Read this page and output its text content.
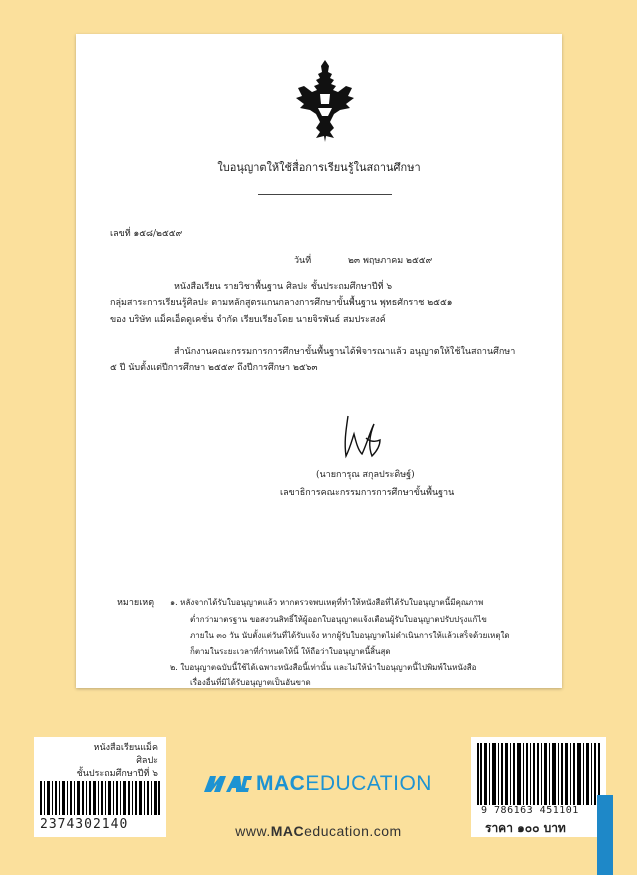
ใบอนุญาตให้ใช้สื่อการเรียนรู้ในสถานศึกษา
เลขที่ ๑๕๘/๒๕๕๙
วันที่	๒๓ พฤษภาคม ๒๕๕๙
หนังสือเรียน รายวิชาพื้นฐาน ศิลปะ ชั้นประถมศึกษาปีที่ ๖
กลุ่มสาระการเรียนรู้ศิลปะ ตามหลักสูตรแกนกลางการศึกษาขั้นพื้นฐาน พุทธศักราช ๒๕๕๑
ของ บริษัท แม็คเอ็ดดูเคชั่น จำกัด เรียบเรียงโดย นายจิรพันธ์ สมประสงค์
สำนักงานคณะกรรมการการศึกษาขั้นพื้นฐานได้พิจารณาแล้ว อนุญาตให้ใช้ในสถานศึกษา
๕ ปี นับตั้งแต่ปีการศึกษา ๒๕๕๙ ถึงปีการศึกษา ๒๕๖๓
(นายการุณ สกุลประดิษฐ์)
เลขาธิการคณะกรรมการการศึกษาขั้นพื้นฐาน
หมายเหตุ ๑. หลังจากได้รับใบอนุญาตแล้ว หากตรวจพบเหตุที่ทำให้หนังสือที่ได้รับใบอนุญาตนี้มีคุณภาพ
ต่ำกว่ามาตรฐาน ขอสงวนสิทธิ์ให้ผู้ออกใบอนุญาตแจ้งเตือนผู้รับใบอนุญาตปรับปรุงแก้ไข
ภายใน ๓๐ วัน นับตั้งแต่วันที่ได้รับแจ้ง หากผู้รับใบอนุญาตไม่ดำเนินการให้แล้วเสร็จด้วยเหตุใด
ก็ตามในระยะเวลาที่กำหนดให้นี้ ให้ถือว่าใบอนุญาตนี้สิ้นสุด
๒. ใบอนุญาตฉบับนี้ใช้ได้เฉพาะหนังสือนี้เท่านั้น และไม่ให้นำใบอนุญาตนี้ไปพิมพ์ในหนังสือ
เรื่องอื่นที่มิได้รับอนุญาตเป็นอันขาด
หนังสือเรียนแม็ค
ศิลปะ
ชั้นประถมศึกษาปีที่ ๖
2374302140
MACEDUCATION
www.MACeducation.com
9 786163 451101
ราคา ๑๐๐ บาท
